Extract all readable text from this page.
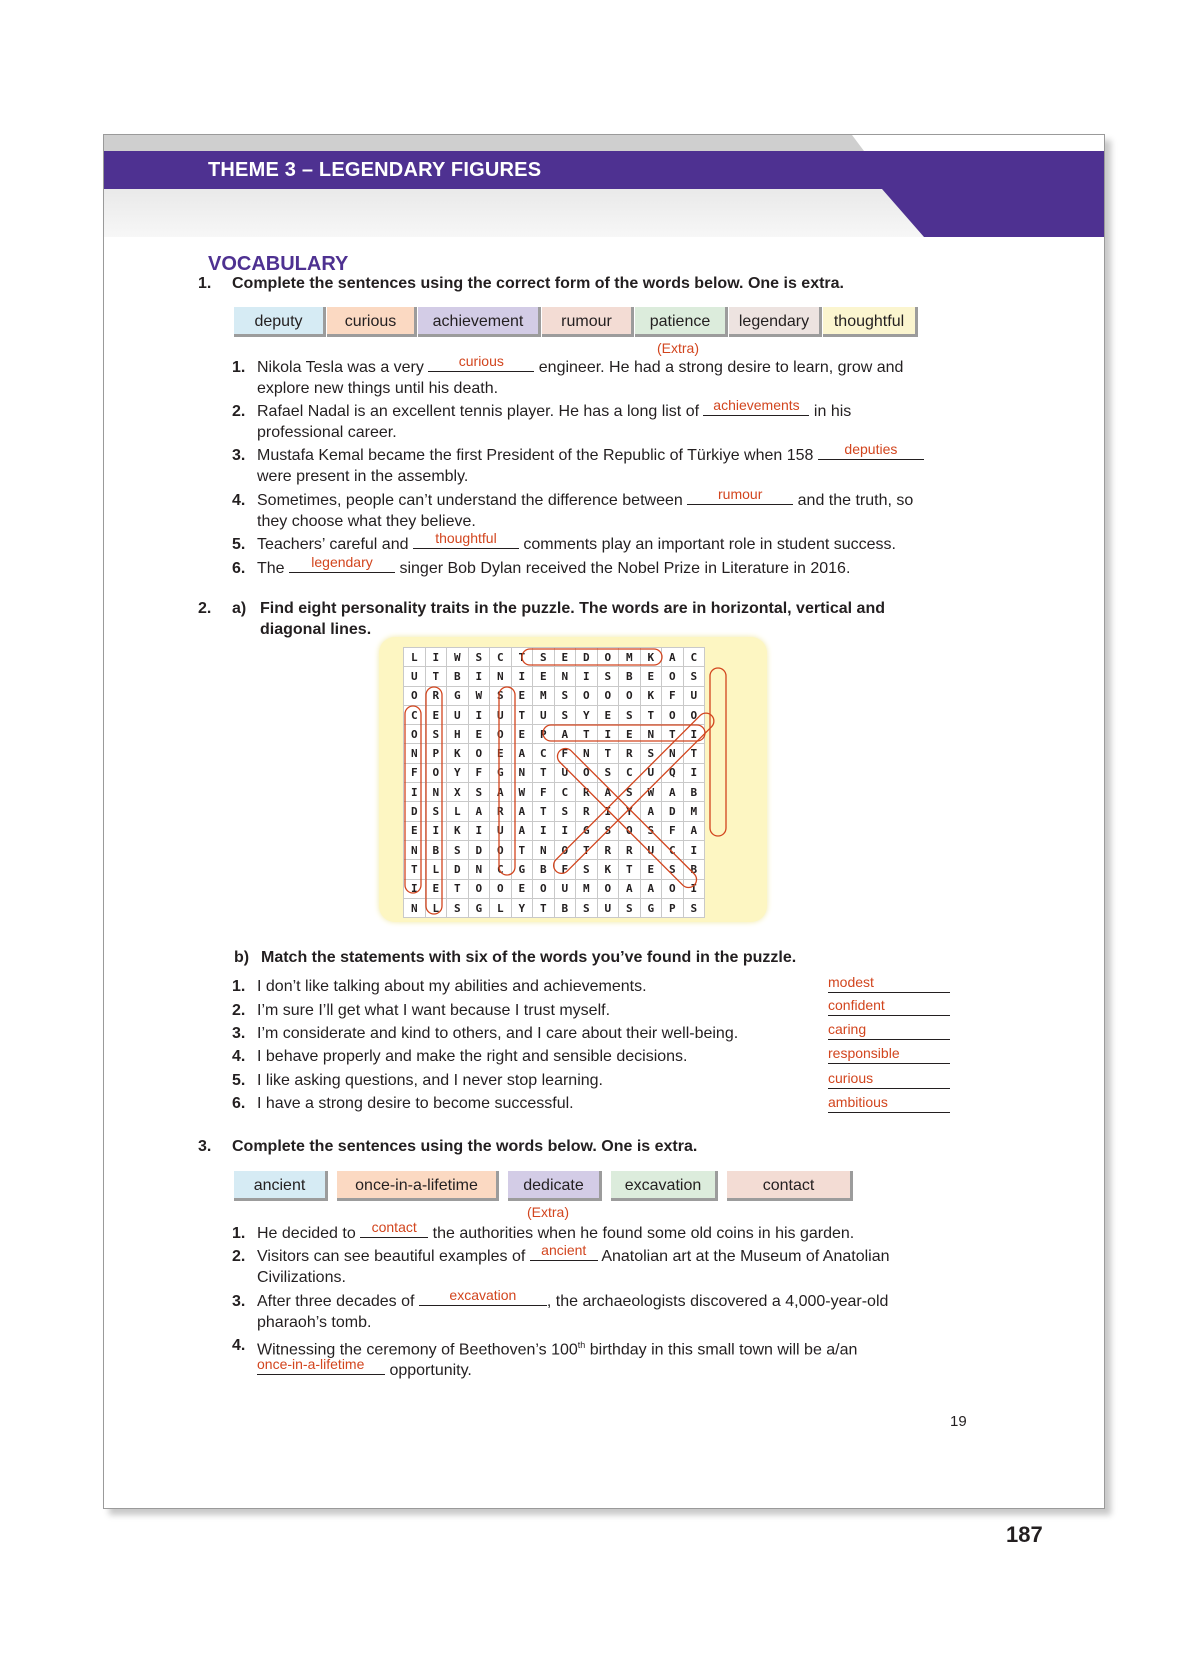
THEME 3 – LEGENDARY FIGURES
VOCABULARY
1. Complete the sentences using the correct form of the words below. One is extra.
deputy	curious	achievement	rumour	patience	legendary	thoughtful
(Extra)
1. Nikola Tesla was a very	curious	engineer. He had a strong desire to learn, grow and
explore new things until his death.
2. Rafael Nadal is an excellent tennis player. He has a long list of achievements in his
professional career.
3. Mustafa Kemal became the first President of the Republic of Türkiye when 158	deputies

were present in the assembly.
4. Sometimes, people can’t understand the difference between	rumour	and the truth, so
they choose what they believe.
5. Teachers’ careful and	thoughtful	comments play an important role in student success.
6. The	legendary	singer Bob Dylan received the Nobel Prize in Literature in 2016.
2. a) Find eight personality traits in the puzzle. The words are in horizontal, vertical and
diagonal lines.
L	I	W	S	C	T	S	E	D	O	M	K	A	C
U	T	B	I	N	I	E	N	I	S	B	E	O	S
O	R	G	W	S	E	M	S	O	O	O	K	F	U
C	E	U	I	U	T	U	S	Y	E	S	T	O	O
O	S	H	E	O	E	P	A	T	I	E	N	T	I
N	P	K	O	E	A	C	F	N	T	R	S	N	T
F	O	Y	F	G	N	T	U	O	S	C	U	Q	I
I	N	X	S	A	W	F	C	R	A	S	W	A	B
D	S	L	A	R	A	T	S	R	I	Y	A	D	M
E	I	K	I	U	A	I	I	G	S	O	S	F	A
N	B	S	D	O	T	N	O	T	R	R	U	C	I
T	L	D	N	C	G	B	F	S	K	T	E	S	B
I	E	T	O	O	E	O	U	M	O	A	A	O	I
N	L	S	G	L	Y	T	B	S	U	S	G	P	S
b) Match the statements with six of the words you’ve found in the puzzle.
1. I don’t like talking about my abilities and achievements.	modest
2. I’m sure I’ll get what I want because I trust myself.	confident
3. I’m considerate and kind to others, and I care about their well-being.	caring
4. I behave properly and make the right and sensible decisions.	responsible
5. I like asking questions, and I never stop learning.	curious
6. I have a strong desire to become successful.	ambitious
3. Complete the sentences using the words below. One is extra.
ancient	once-in-a-lifetime	dedicate	excavation	contact
(Extra)
1. He decided to contact the authorities when he found some old coins in his garden.
2. Visitors can see beautiful examples of ancient Anatolian art at the Museum of Anatolian
Civilizations.
3. After three decades of	excavation	, the archaeologists discovered a 4,000-year-old
pharaoh’s tomb.
4. Witnessing the ceremony of Beethoven’s 100th birthday in this small town will be a/an

once-in-a-lifetime	opportunity.
19
187
